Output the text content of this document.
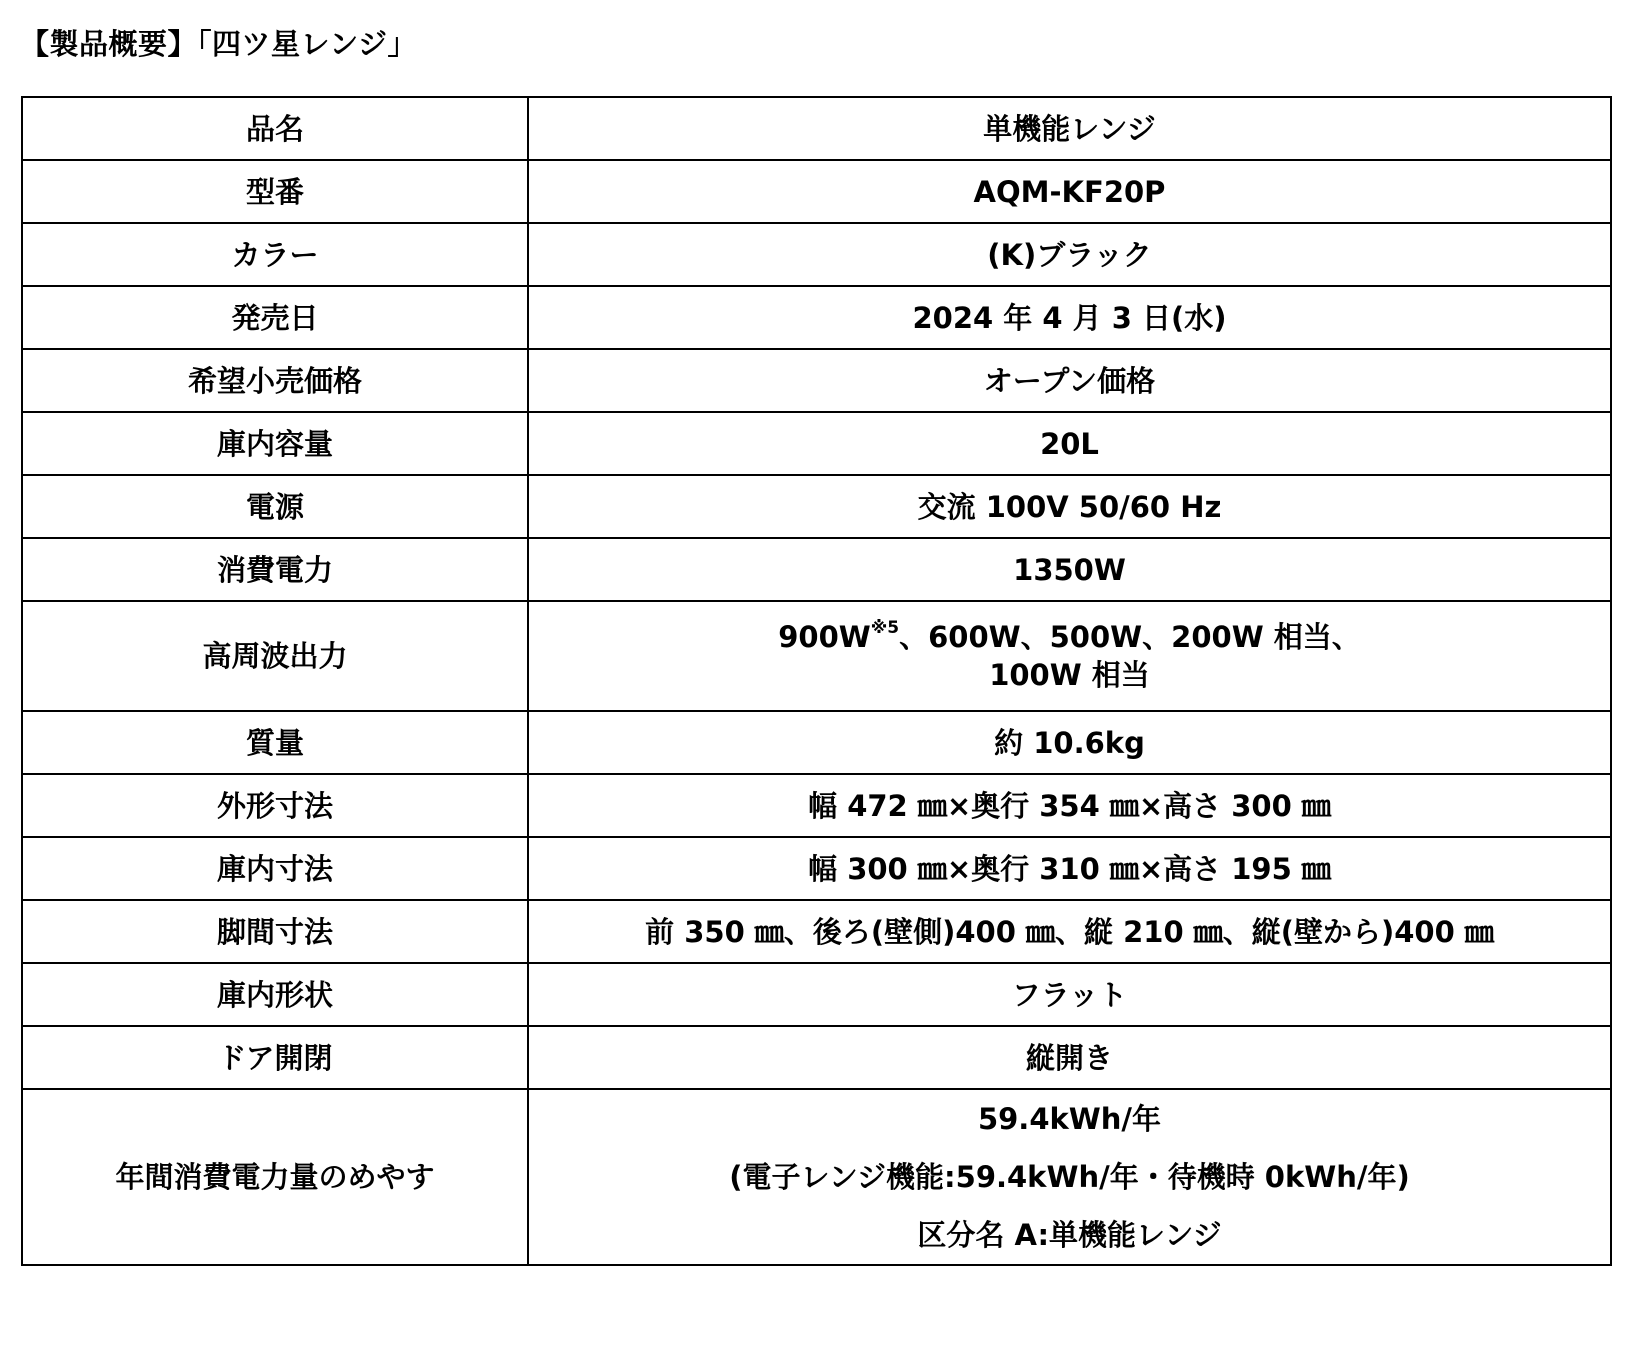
【製品概要】「四ツ星レンジ」
品名	単機能レンジ
型番	AQM-KF20P
カラー	(K)ブラック
発売日	2024 年 4 月 3 日(水)
希望小売価格	オープン価格
庫内容量	20L
電源	交流 100V 50/60 Hz
消費電力	1350W
高周波出力	900W$^{※5}$、600W、500W、200W 相当、
100W 相当

質量	約 10.6kg
外形寸法	幅 472 ㎜×奥行 354 ㎜×高さ 300 ㎜
庫内寸法	幅 300 ㎜×奥行 310 ㎜×高さ 195 ㎜
脚間寸法	前 350 ㎜、後ろ(壁側)400 ㎜、縦 210 ㎜、縦(壁から)400 ㎜
庫内形状	フラット
ドア開閉	縦開き
年間消費電力量のめやす	59.4kWh/年
(電子レンジ機能:59.4kWh/年・待機時 0kWh/年)
区分名 A:単機能レンジ
